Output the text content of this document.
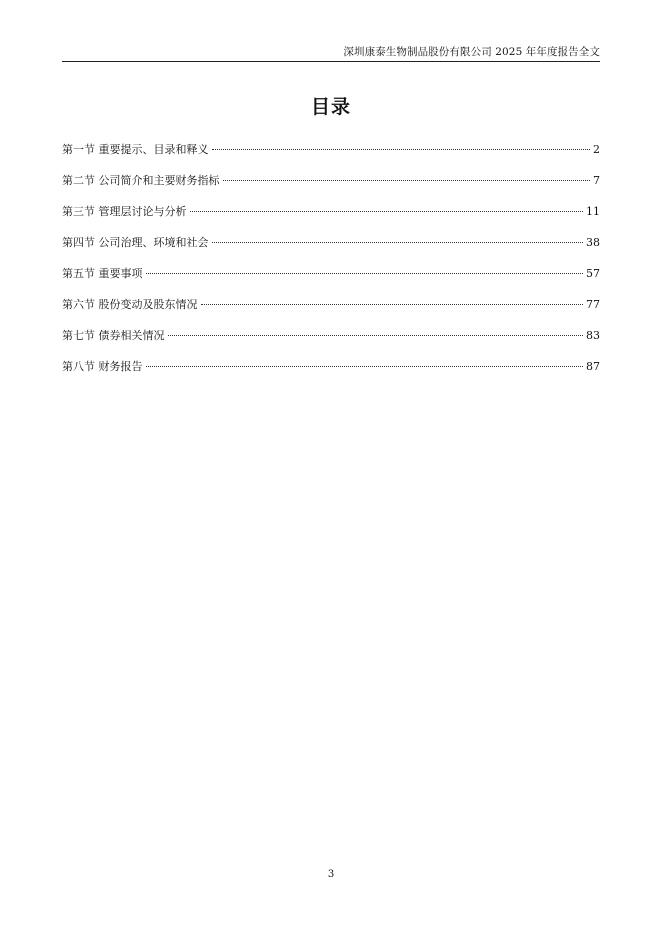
深圳康泰生物制品股份有限公司 2025 年年度报告全文
目录
第一节 重要提示、目录和释义	2
第二节 公司简介和主要财务指标	7
第三节 管理层讨论与分析	11
第四节 公司治理、环境和社会	38
第五节 重要事项	57
第六节 股份变动及股东情况	77
第七节 债券相关情况	83
第八节 财务报告	87
3
